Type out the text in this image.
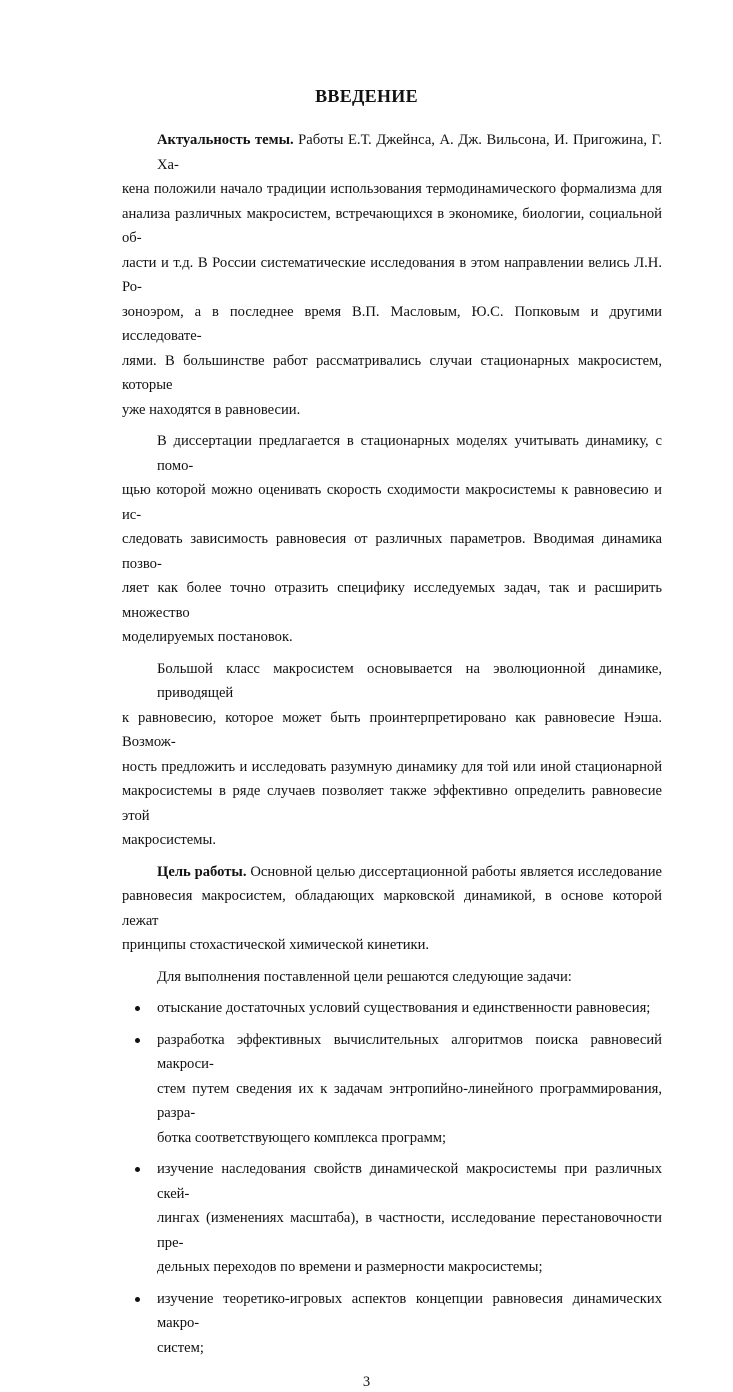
ВВЕДЕНИЕ
Актуальность темы. Работы Е.Т. Джейнса, А. Дж. Вильсона, И. Пригожина, Г. Ха-
кена положили начало традиции использования термодинамического формализма для
анализа различных макросистем, встречающихся в экономике, биологии, социальной об-
ласти и т.д. В России систематические исследования в этом направлении велись Л.Н. Ро-
зоноэром, а в последнее время В.П. Масловым, Ю.С. Попковым и другими исследовате-
лями. В большинстве работ рассматривались случаи стационарных макросистем, которые
уже находятся в равновесии.
В диссертации предлагается в стационарных моделях учитывать динамику, с помо-
щью которой можно оценивать скорость сходимости макросистемы к равновесию и ис-
следовать зависимость равновесия от различных параметров. Вводимая динамика позво-
ляет как более точно отразить специфику исследуемых задач, так и расширить множество
моделируемых постановок.
Большой класс макросистем основывается на эволюционной динамике, приводящей
к равновесию, которое может быть проинтерпретировано как равновесие Нэша. Возмож-
ность предложить и исследовать разумную динамику для той или иной стационарной
макросистемы в ряде случаев позволяет также эффективно определить равновесие этой
макросистемы.
Цель работы. Основной целью диссертационной работы является исследование
равновесия макросистем, обладающих марковской динамикой, в основе которой лежат
принципы стохастической химической кинетики.
Для выполнения поставленной цели решаются следующие задачи:
отыскание достаточных условий существования и единственности равновесия;
разработка эффективных вычислительных алгоритмов поиска равновесий макроси-
стем путем сведения их к задачам энтропийно-линейного программирования, разра-
ботка соответствующего комплекса программ;
изучение наследования свойств динамической макросистемы при различных скей-
лингах (изменениях масштаба), в частности, исследование перестановочности пре-
дельных переходов по времени и размерности макросистемы;
изучение теоретико-игровых аспектов концепции равновесия динамических макро-
систем;
3
